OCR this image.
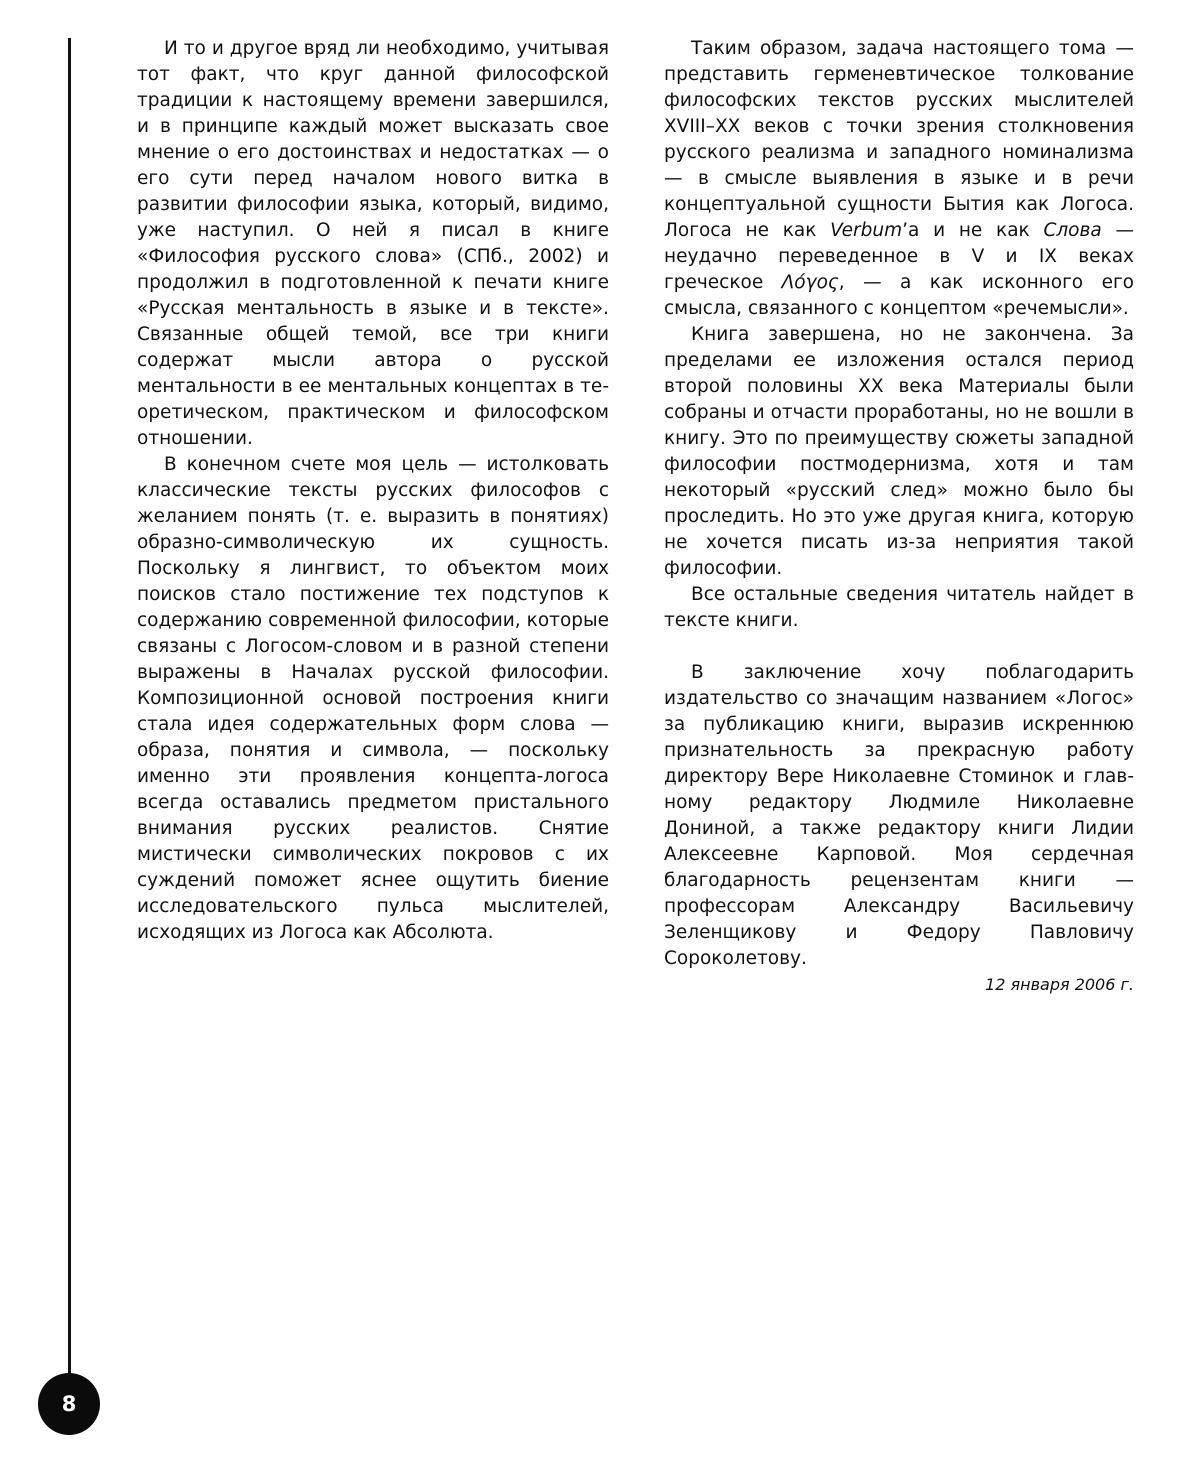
И то и другое вряд ли необходимо, учитывая тот факт, что круг данной философской традиции к настоящему времени завершился, и в принципе каждый может высказать свое мнение о его достоинствах и недостатках — о его сути перед началом нового витка в развитии философии языка, который, видимо, уже наступил. О ней я писал в книге «Философия русского слова» (СПб., 2002) и продолжил в подготовленной к печати книге «Русская ментальность в языке и в тексте». Связанные общей темой, все три книги содержат мысли автора о русской ментальности в ее ментальных концептах в теоретическом, практическом и философском отношении.

В конечном счете моя цель — истолковать классические тексты русских философов с желанием понять (т. е. выразить в понятиях) образно-символическую их сущность. Поскольку я лингвист, то объектом моих поисков стало постижение тех подступов к содержанию современной философии, которые связаны с Логосом-словом и в разной степени выражены в Началах русской философии. Композиционной основой построения книги стала идея содержательных форм слова — образа, понятия и символа, — поскольку именно эти проявления концепта-логоса всегда оставались предметом пристального внимания русских реалистов. Снятие мистически символических покровов с их суждений поможет яснее ощутить биение исследовательского пульса мыслителей, исходящих из Логоса как Абсолюта.

Таким образом, задача настоящего тома — представить герменевтическое толкование философских текстов русских мыслителей XVIII–XX веков с точки зрения столкновения русского реализма и западного номинализма — в смысле выявления в языке и в речи концептуальной сущности Бытия как Логоса. Логоса не как Verbum’а и не как Слова — неудачно переведенное в V и IX веках греческое Λόγος, — а как исконного его смысла, связанного с концептом «речемысли».

Книга завершена, но не закончена. За пределами ее изложения остался период второй половины XX века Материалы были собраны и отчасти проработаны, но не вошли в книгу. Это по преимуществу сюжеты западной философии постмодернизма, хотя и там некоторый «русский след» можно было бы проследить. Но это уже другая книга, которую не хочется писать из-за неприятия такой философии.

Все остальные сведения читатель найдет в тексте книги.

В заключение хочу поблагодарить издательство со значащим названием «Логос» за публикацию книги, выразив искреннюю признательность за прекрасную работу директору Вере Николаевне Стоминок и главному редактору Людмиле Николаевне Дониной, а также редактору книги Лидии Алексеевне Карповой. Моя сердечная благодарность рецензентам книги — профессорам Александру Васильевичу Зеленщикову и Федору Павловичу Сороколетову.

12 января 2006 г.
8
